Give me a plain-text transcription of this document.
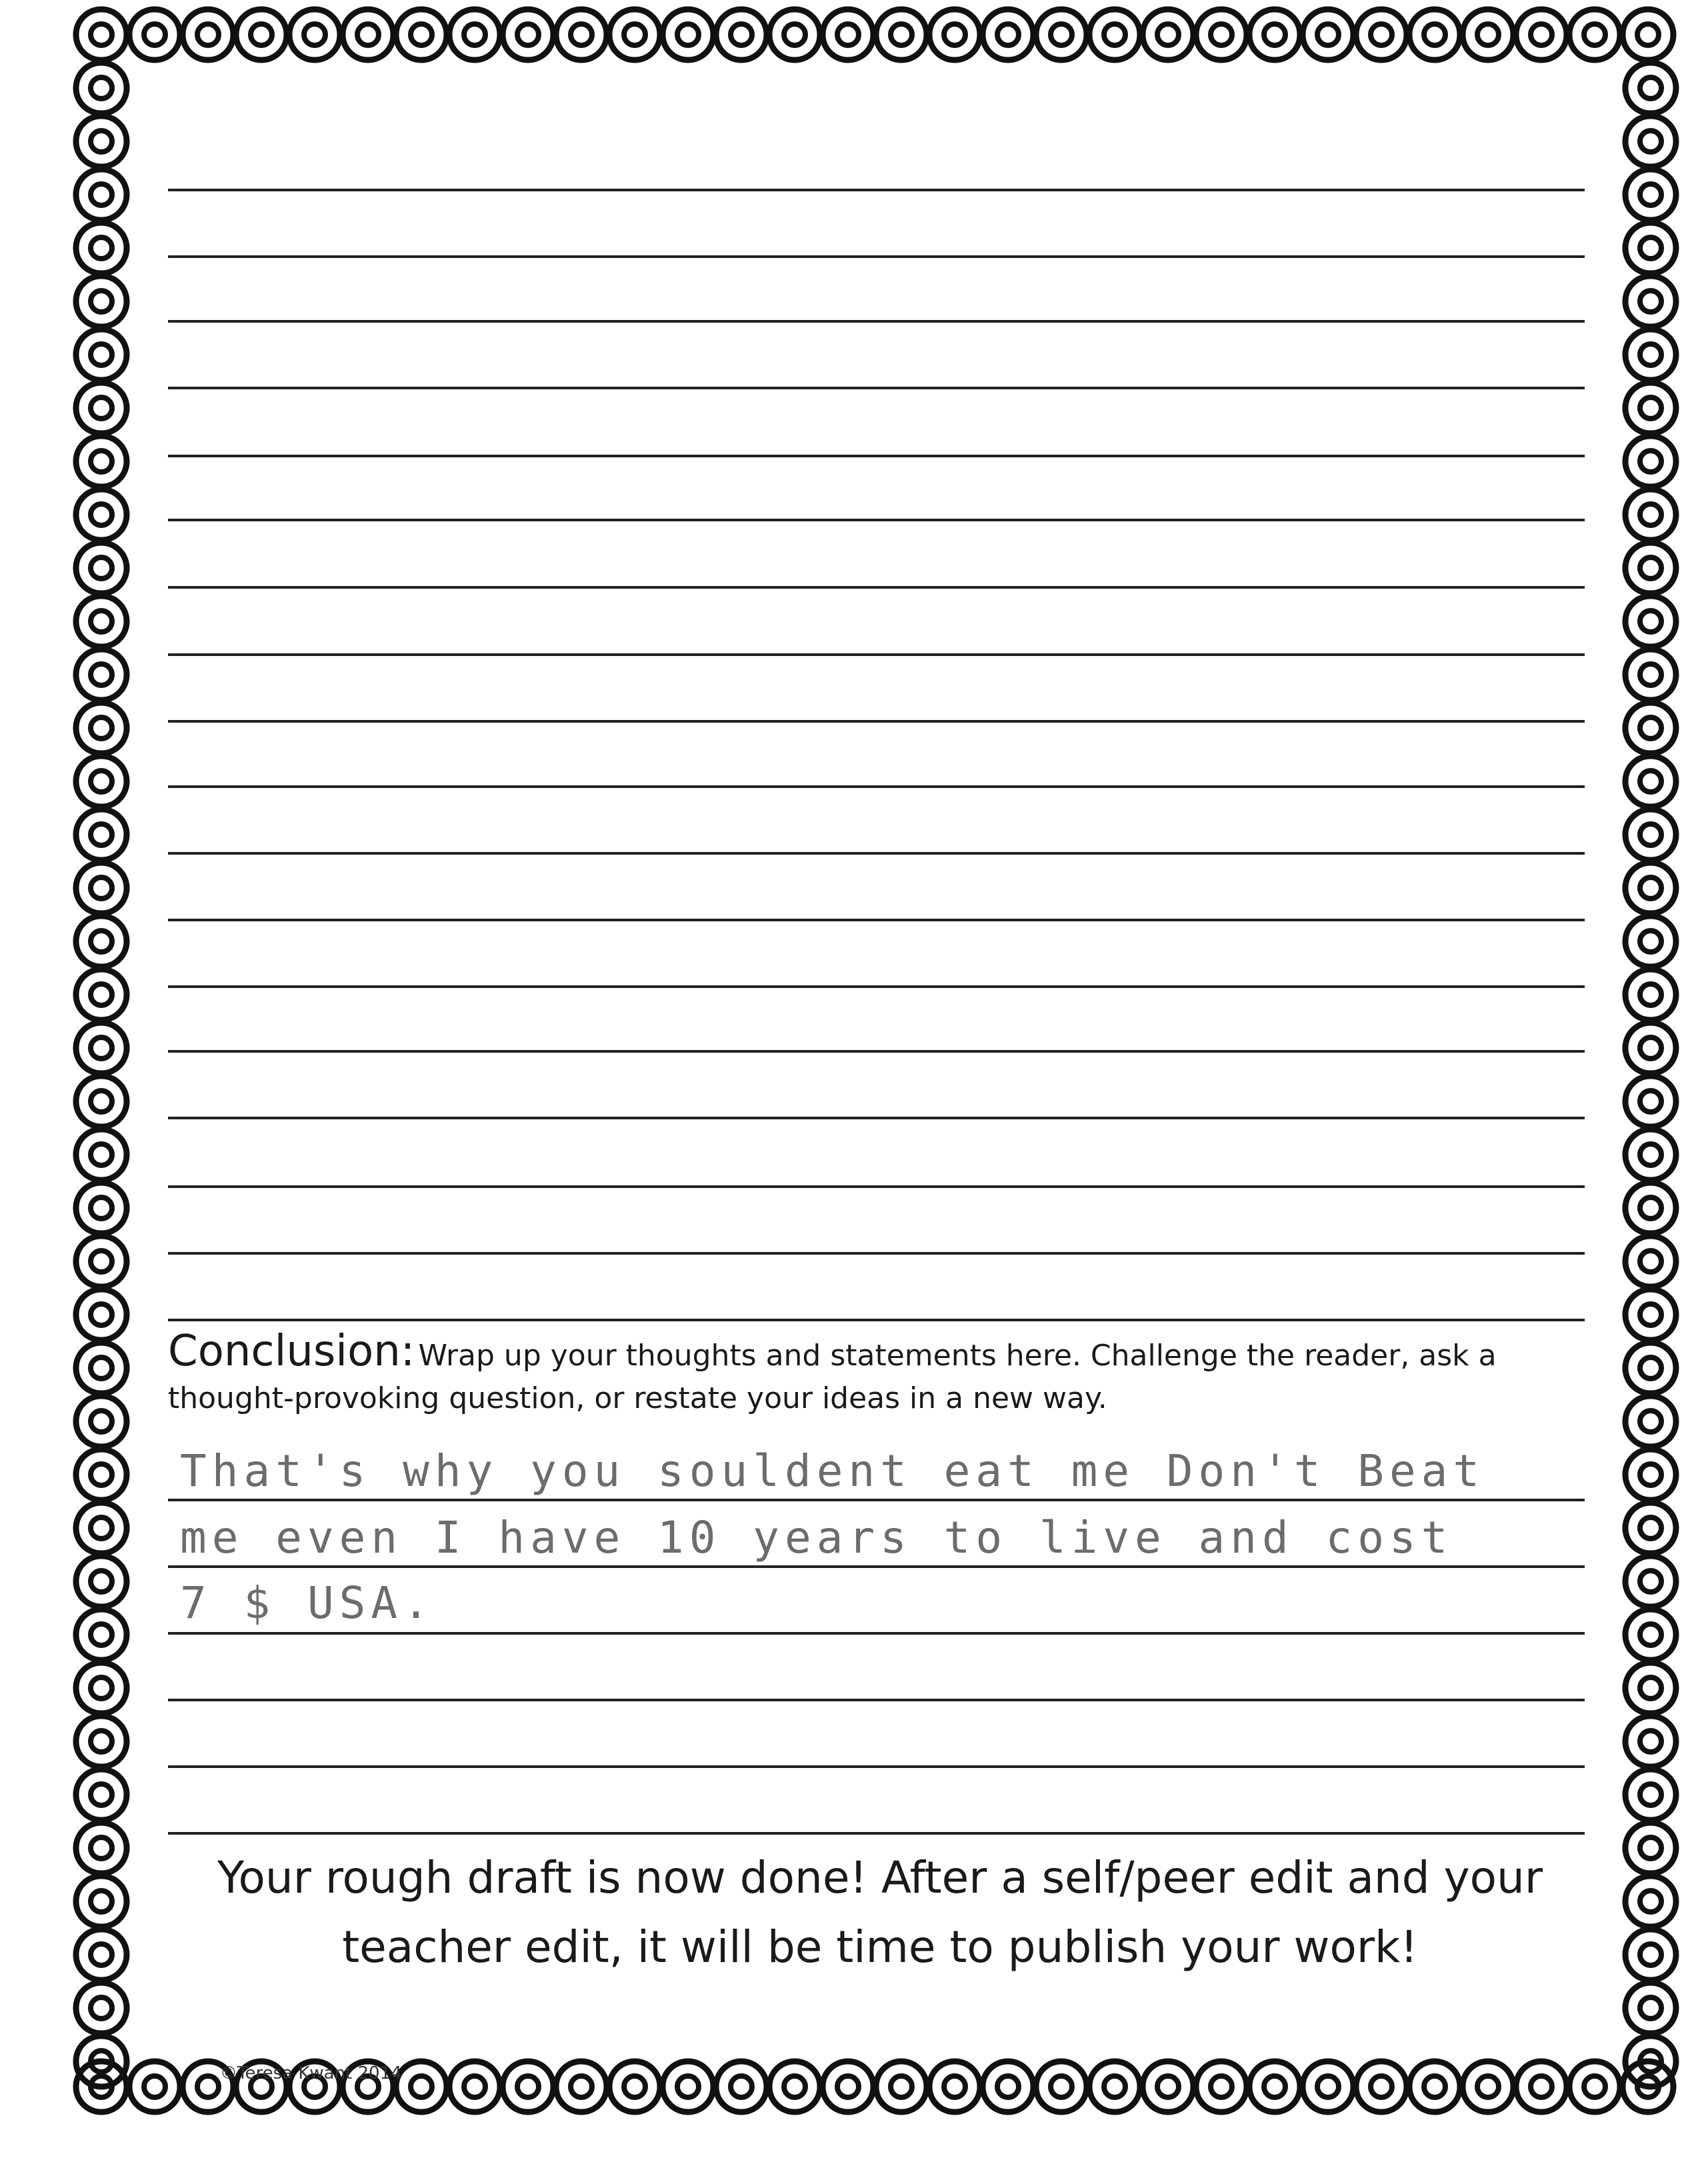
Conclusion: Wrap up your thoughts and statements here. Challenge the reader, ask a thought-provoking question, or restate your ideas in a new way.
That's why you souldent eat me Don't Beat
me even I have 10 years to live and cost
7 $ USA.
Your rough draft is now done! After a self/peer edit and your
teacher edit, it will be time to publish your work!
©Teresa Kwant 2014
